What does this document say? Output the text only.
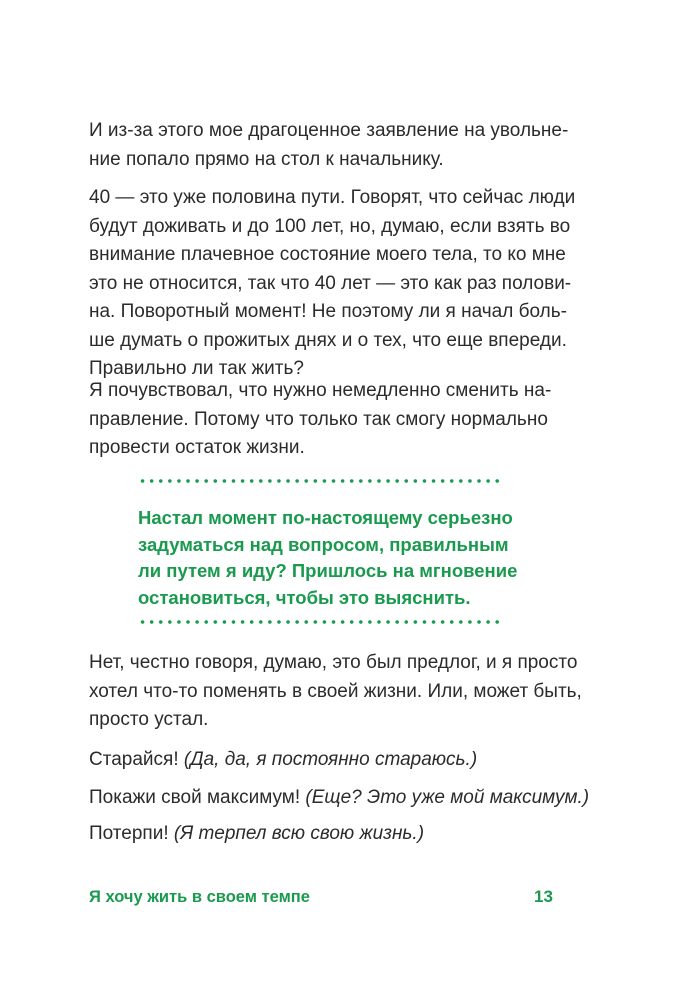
И из-за этого мое драгоценное заявление на увольне-
ние попало прямо на стол к начальнику.

40 — это уже половина пути. Говорят, что сейчас люди
будут доживать и до 100 лет, но, думаю, если взять во
внимание плачевное состояние моего тела, то ко мне
это не относится, так что 40 лет — это как раз полови-
на. Поворотный момент! Не поэтому ли я начал боль-
ше думать о прожитых днях и о тех, что еще впереди.
Правильно ли так жить?

Я почувствовал, что нужно немедленно сменить на-
правление. Потому что только так смогу нормально
провести остаток жизни.

Настал момент по-настоящему серьезно
задуматься над вопросом, правильным
ли путем я иду? Пришлось на мгновение
остановиться, чтобы это выяснить.

Нет, честно говоря, думаю, это был предлог, и я просто
хотел что-то поменять в своей жизни. Или, может быть,
просто устал.

Старайся! (Да, да, я постоянно стараюсь.)

Покажи свой максимум! (Еще? Это уже мой максимум.)

Потерпи! (Я терпел всю свою жизнь.)

Я хочу жить в своем темпе	13
